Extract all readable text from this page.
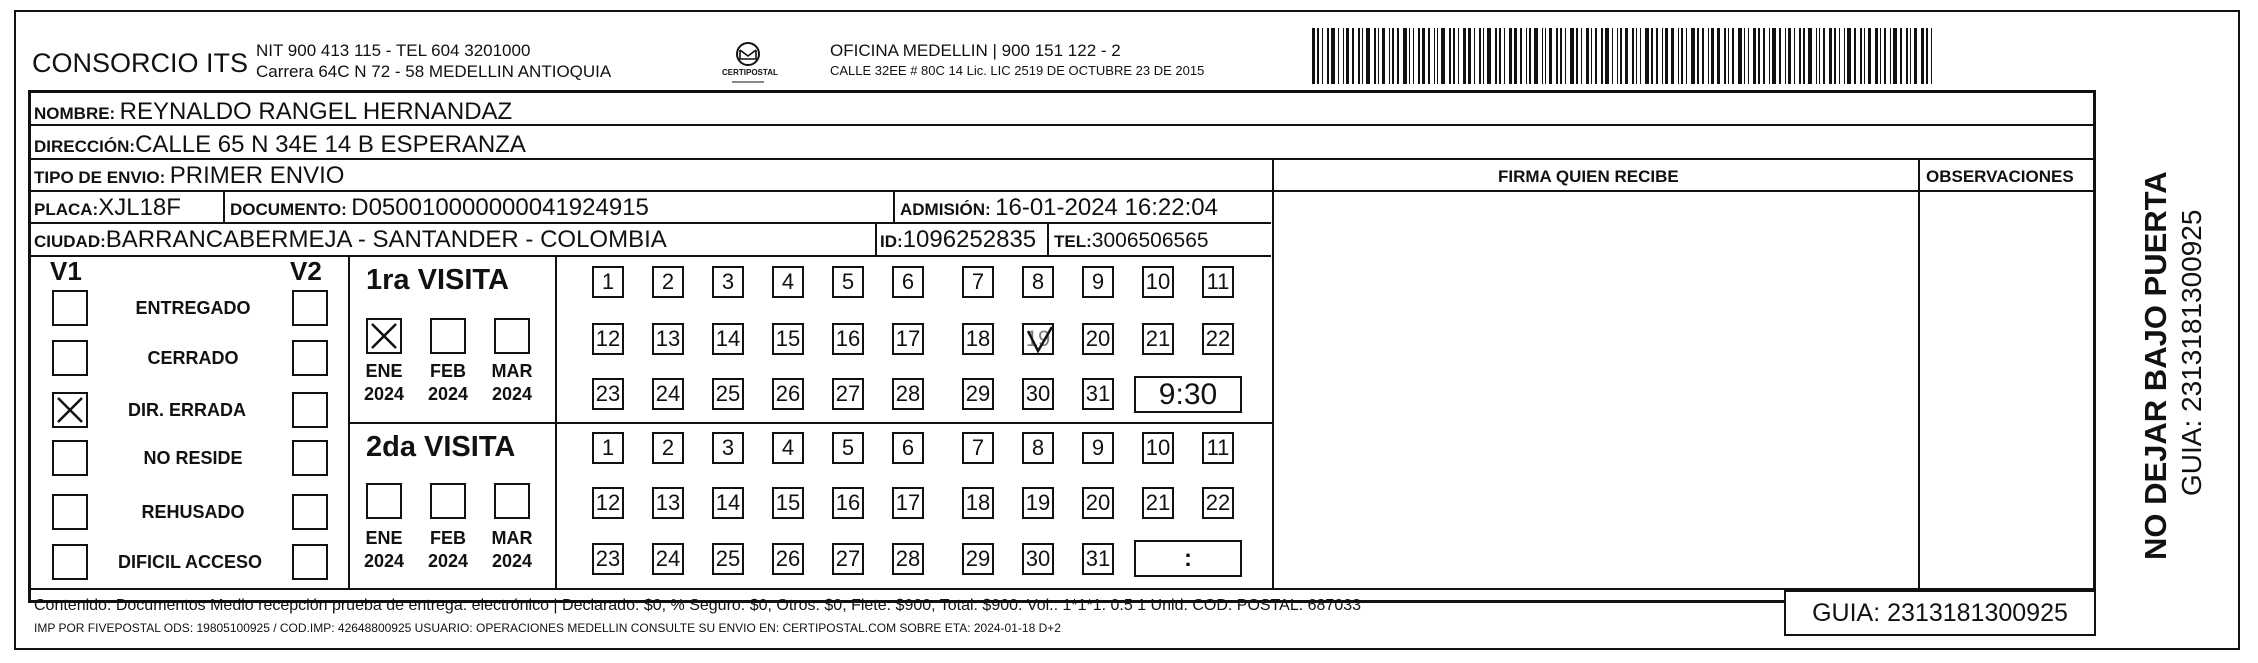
CONSORCIO ITS NIT 900 413 115 - TEL 604 3201000
Carrera 64C N 72 - 58 MEDELLIN ANTIOQUIA	CERTIPOSTAL
OFICINA MEDELLIN | 900 151 122 - 2
CALLE 32EE # 80C 14 Lic. LIC 2519 DE OCTUBRE 23 DE 2015
NOMBRE: REYNALDO RANGEL HERNANDAZ
DIRECCIÓN:CALLE 65 N 34E 14 B ESPERANZA
TIPO DE ENVIO: PRIMER ENVIO	FIRMA QUIEN RECIBE	OBSERVACIONES
PLACA:XJL18F	DOCUMENTO: D050010000000041924915	ADMISIÓN: 16-01-2024 16:22:04
CIUDAD:BARRANCABERMEJA - SANTANDER - COLOMBIA	ID:1096252835 TEL:3006506565
V1	V2
ENTREGADO
CERRADO
DIR. ERRADA
NO RESIDE
REHUSADO
DIFICIL ACCESO
1ra VISITA
ENE
2024
FEB
2024
MAR
2024
1	2	3	4	5	6	7	8	9	10 11
12 13 14 15 16 17 18 19 20 21 22
23 24 25 26 27 28 29 30 31 9:30
2da VISITA
ENE
2024
FEB
2024
MAR
2024
1	2	3	4	5	6	7	8	9	10 11
12 13 14 15 16 17 18 19 20 21 22
23 24 25 26 27 28 29 30 31	:
Contenido: Documentos Medio recepción prueba de entrega: electrónico | Declarado: $0, % Seguro: $0, Otros: $0, Flete: $900, Total: $900. Vol.: 1*1*1. 0.5 1 Unid. COD. POSTAL: 687033
IMP POR FIVEPOSTAL ODS: 19805100925 / COD.IMP: 42648800925 USUARIO: OPERACIONES MEDELLIN CONSULTE SU ENVIO EN: CERTIPOSTAL.COM SOBRE ETA: 2024-01-18 D+2
GUIA: 2313181300925
NO DEJAR BAJO PUERTA GUIA: 2313181300925
